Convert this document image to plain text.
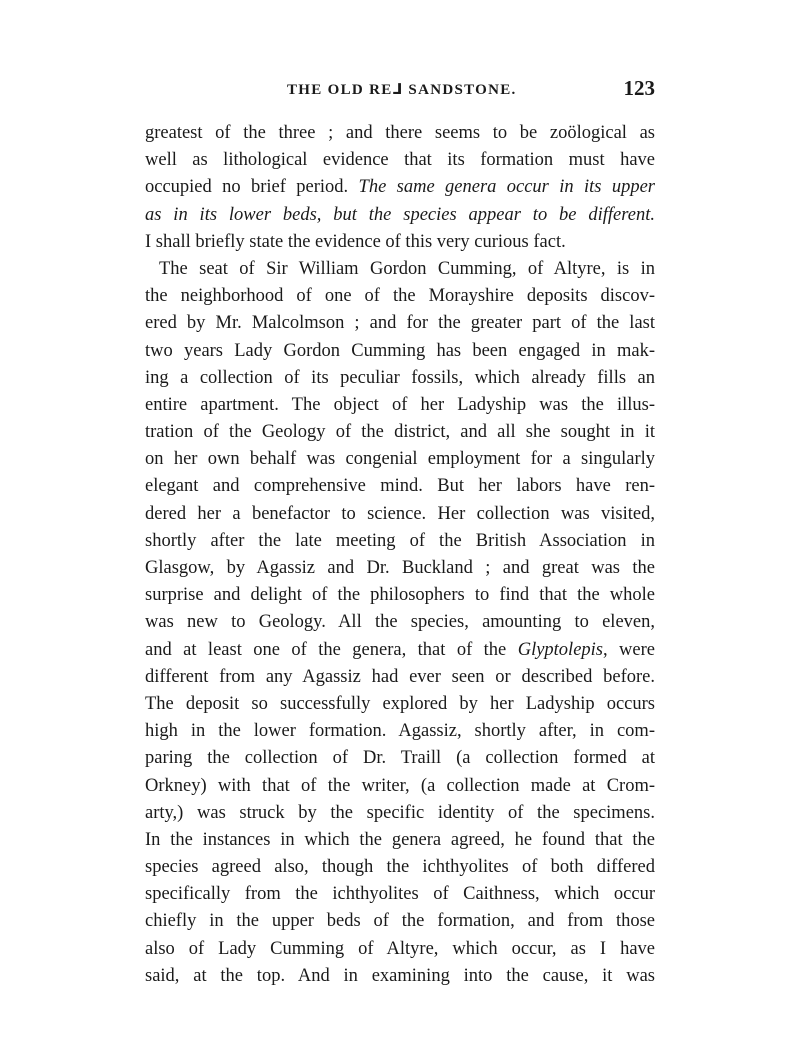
THE OLD RE⅃ SANDSTONE.	123
greatest of the three ; and there seems to be zoölogical as
well as lithological evidence that its formation must have
occupied no brief period. The same genera occur in its upper
as in its lower beds, but the species appear to be different.
I shall briefly state the evidence of this very curious fact.
The seat of Sir William Gordon Cumming, of Altyre, is in
the neighborhood of one of the Morayshire deposits discov-
ered by Mr. Malcolmson ; and for the greater part of the last
two years Lady Gordon Cumming has been engaged in mak-
ing a collection of its peculiar fossils, which already fills an
entire apartment. The object of her Ladyship was the illus-
tration of the Geology of the district, and all she sought in it
on her own behalf was congenial employment for a singularly
elegant and comprehensive mind. But her labors have ren-
dered her a benefactor to science. Her collection was visited,
shortly after the late meeting of the British Association in
Glasgow, by Agassiz and Dr. Buckland ; and great was the
surprise and delight of the philosophers to find that the whole
was new to Geology. All the species, amounting to eleven,
and at least one of the genera, that of the Glyptolepis, were
different from any Agassiz had ever seen or described before.
The deposit so successfully explored by her Ladyship occurs
high in the lower formation. Agassiz, shortly after, in com-
paring the collection of Dr. Traill (a collection formed at
Orkney) with that of the writer, (a collection made at Crom-
arty,) was struck by the specific identity of the specimens.
In the instances in which the genera agreed, he found that the
species agreed also, though the ichthyolites of both differed
specifically from the ichthyolites of Caithness, which occur
chiefly in the upper beds of the formation, and from those
also of Lady Cumming of Altyre, which occur, as I have
said, at the top. And in examining into the cause, it was
